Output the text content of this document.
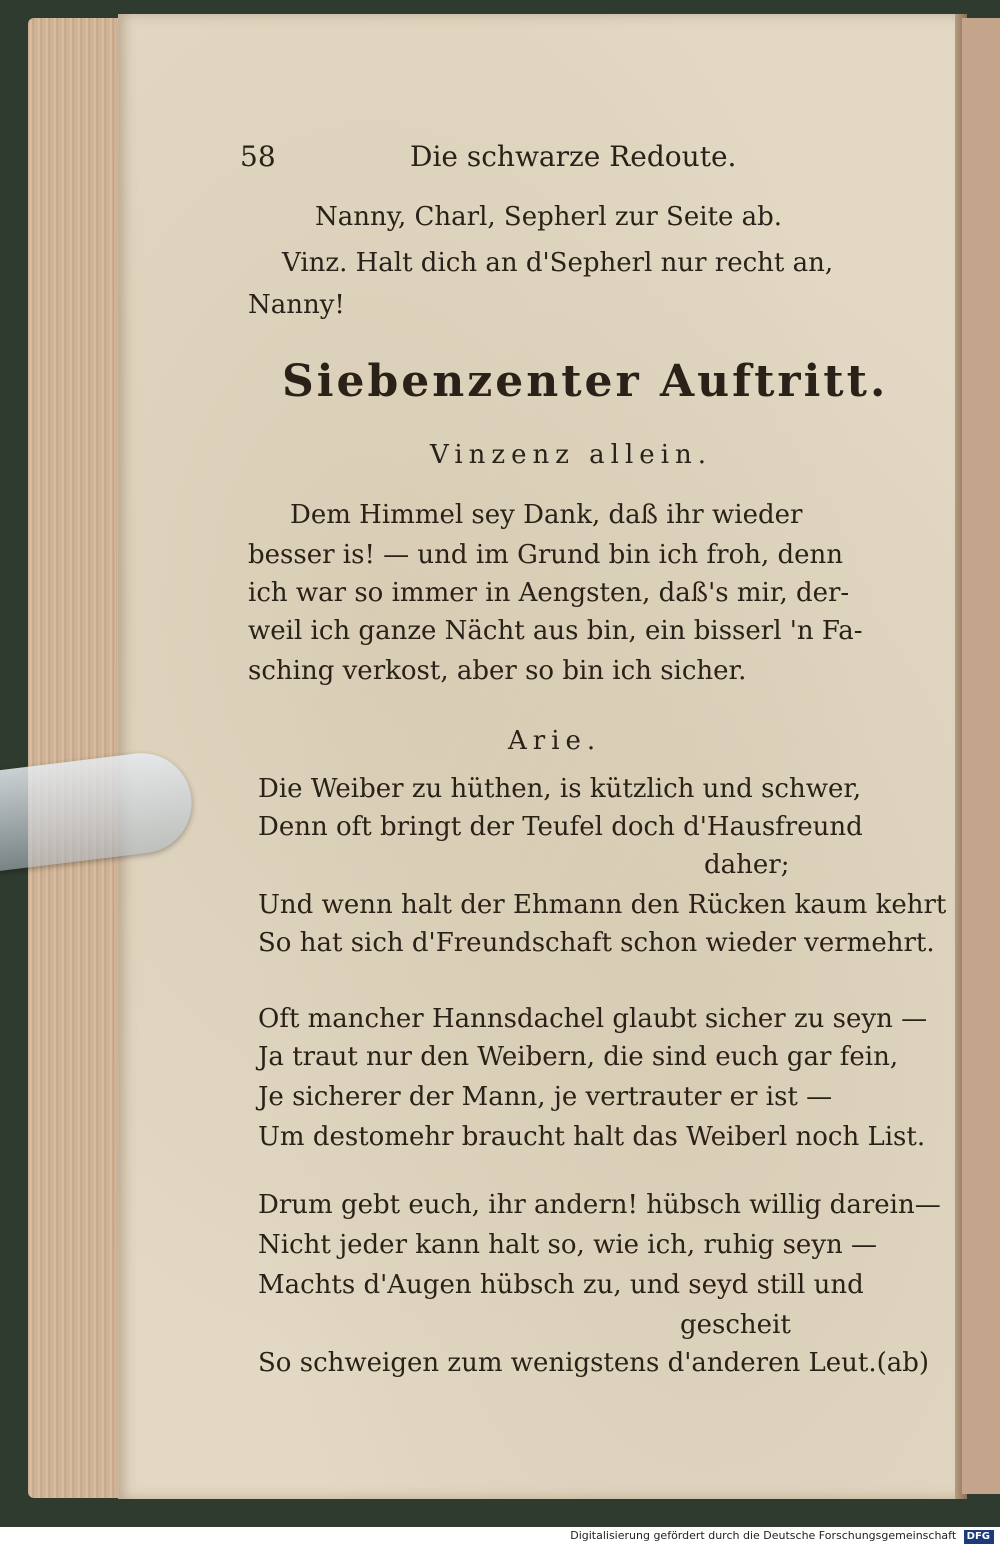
58	Die schwarze Redoute.
Nanny, Charl, Sepherl zur Seite ab.
Vinz. Halt dich an d'Sepherl nur recht an,
Nanny!
Siebenzenter Auftritt.
Vinzenz allein.
Dem Himmel sey Dank, daß ihr wieder
besser is! — und im Grund bin ich froh, denn
ich war so immer in Aengsten, daß's mir, der-
weil ich ganze Nächt aus bin, ein bisserl 'n Fa-
sching verkost, aber so bin ich sicher.
Arie.
Die Weiber zu hüthen, is kützlich und schwer,
Denn oft bringt der Teufel doch d'Hausfreund
daher;
Und wenn halt der Ehmann den Rücken kaum kehrt
So hat sich d'Freundschaft schon wieder vermehrt.
Oft mancher Hannsdachel glaubt sicher zu seyn —
Ja traut nur den Weibern, die sind euch gar fein,
Je sicherer der Mann, je vertrauter er ist —
Um destomehr braucht halt das Weiberl noch List.
Drum gebt euch, ihr andern! hübsch willig darein—
Nicht jeder kann halt so, wie ich, ruhig seyn —
Machts d'Augen hübsch zu, und seyd still und
gescheit
So schweigen zum wenigstens d'anderen Leut.(ab)
Digitalisierung gefördert durch die Deutsche Forschungsgemeinschaft DFG
